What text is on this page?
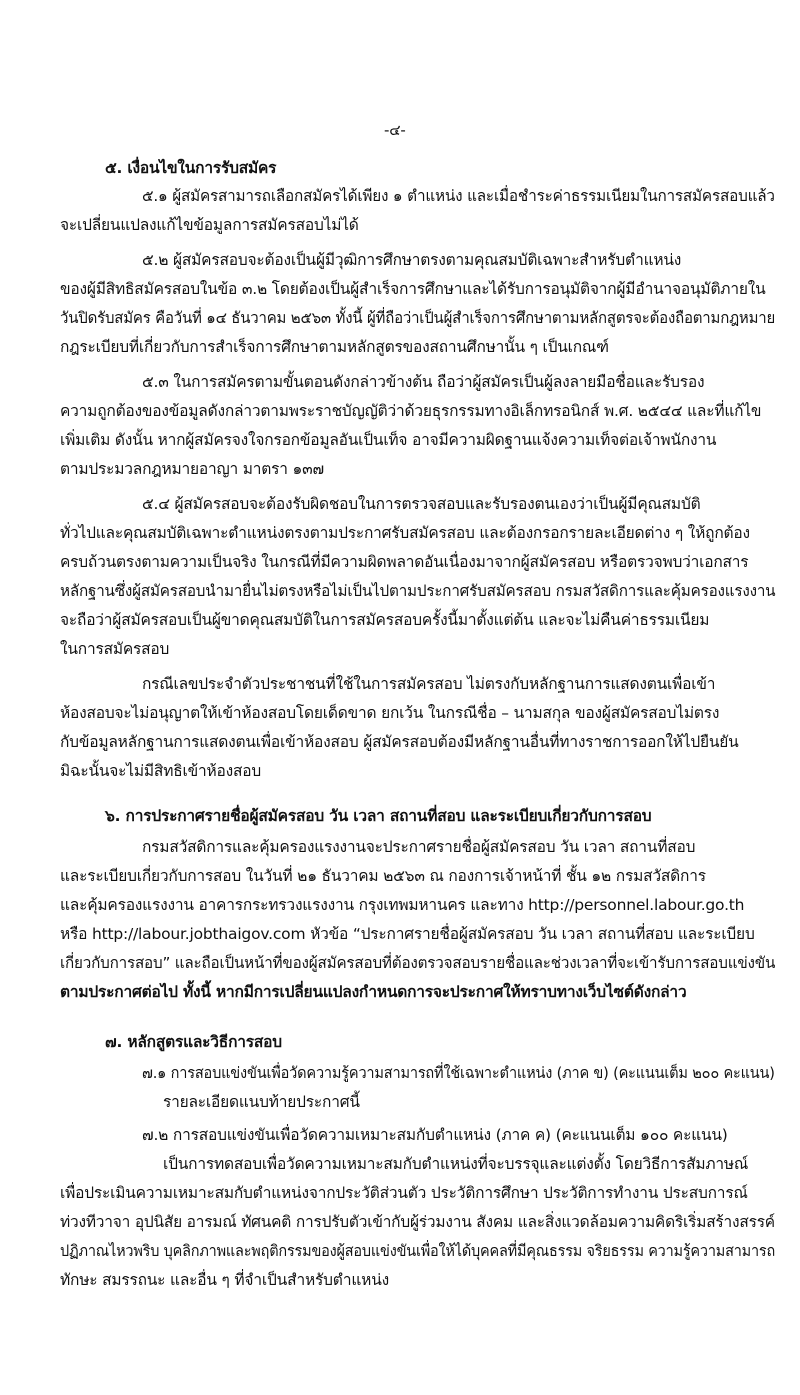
-๔-
๕. เงื่อนไขในการรับสมัคร
๕.๑ ผู้สมัครสามารถเลือกสมัครได้เพียง ๑ ตำแหน่ง และเมื่อชำระค่าธรรมเนียมในการสมัครสอบแล้ว
จะเปลี่ยนแปลงแก้ไขข้อมูลการสมัครสอบไม่ได้
๕.๒ ผู้สมัครสอบจะต้องเป็นผู้มีวุฒิการศึกษาตรงตามคุณสมบัติเฉพาะสำหรับตำแหน่ง
ของผู้มีสิทธิสมัครสอบในข้อ ๓.๒ โดยต้องเป็นผู้สำเร็จการศึกษาและได้รับการอนุมัติจากผู้มีอำนาจอนุมัติภายใน
วันปิดรับสมัคร คือวันที่ ๑๔ ธันวาคม ๒๕๖๓ ทั้งนี้ ผู้ที่ถือว่าเป็นผู้สำเร็จการศึกษาตามหลักสูตรจะต้องถือตามกฎหมาย
กฎระเบียบที่เกี่ยวกับการสำเร็จการศึกษาตามหลักสูตรของสถานศึกษานั้น ๆ เป็นเกณฑ์
๕.๓ ในการสมัครตามขั้นตอนดังกล่าวข้างต้น ถือว่าผู้สมัครเป็นผู้ลงลายมือชื่อและรับรอง
ความถูกต้องของข้อมูลดังกล่าวตามพระราชบัญญัติว่าด้วยธุรกรรมทางอิเล็กทรอนิกส์ พ.ศ. ๒๕๔๔ และที่แก้ไข
เพิ่มเติม ดังนั้น หากผู้สมัครจงใจกรอกข้อมูลอันเป็นเท็จ อาจมีความผิดฐานแจ้งความเท็จต่อเจ้าพนักงาน
ตามประมวลกฎหมายอาญา มาตรา ๑๓๗
๕.๔ ผู้สมัครสอบจะต้องรับผิดชอบในการตรวจสอบและรับรองตนเองว่าเป็นผู้มีคุณสมบัติ
ทั่วไปและคุณสมบัติเฉพาะตำแหน่งตรงตามประกาศรับสมัครสอบ และต้องกรอกรายละเอียดต่าง ๆ ให้ถูกต้อง
ครบถ้วนตรงตามความเป็นจริง ในกรณีที่มีความผิดพลาดอันเนื่องมาจากผู้สมัครสอบ หรือตรวจพบว่าเอกสาร
หลักฐานซึ่งผู้สมัครสอบนำมายื่นไม่ตรงหรือไม่เป็นไปตามประกาศรับสมัครสอบ กรมสวัสดิการและคุ้มครองแรงงาน
จะถือว่าผู้สมัครสอบเป็นผู้ขาดคุณสมบัติในการสมัครสอบครั้งนี้มาตั้งแต่ต้น และจะไม่คืนค่าธรรมเนียม
ในการสมัครสอบ
กรณีเลขประจำตัวประชาชนที่ใช้ในการสมัครสอบ ไม่ตรงกับหลักฐานการแสดงตนเพื่อเข้า
ห้องสอบจะไม่อนุญาตให้เข้าห้องสอบโดยเด็ดขาด ยกเว้น ในกรณีชื่อ – นามสกุล ของผู้สมัครสอบไม่ตรง
กับข้อมูลหลักฐานการแสดงตนเพื่อเข้าห้องสอบ ผู้สมัครสอบต้องมีหลักฐานอื่นที่ทางราชการออกให้ไปยืนยัน
มิฉะนั้นจะไม่มีสิทธิเข้าห้องสอบ
๖. การประกาศรายชื่อผู้สมัครสอบ วัน เวลา สถานที่สอบ และระเบียบเกี่ยวกับการสอบ
กรมสวัสดิการและคุ้มครองแรงงานจะประกาศรายชื่อผู้สมัครสอบ วัน เวลา สถานที่สอบ
และระเบียบเกี่ยวกับการสอบ ในวันที่ ๒๑ ธันวาคม ๒๕๖๓ ณ กองการเจ้าหน้าที่ ชั้น ๑๒ กรมสวัสดิการ
และคุ้มครองแรงงาน อาคารกระทรวงแรงงาน กรุงเทพมหานคร และทาง http://personnel.labour.go.th
หรือ http://labour.jobthaigov.com หัวข้อ “ประกาศรายชื่อผู้สมัครสอบ วัน เวลา สถานที่สอบ และระเบียบ
เกี่ยวกับการสอบ” และถือเป็นหน้าที่ของผู้สมัครสอบที่ต้องตรวจสอบรายชื่อและช่วงเวลาที่จะเข้ารับการสอบแข่งขัน
ตามประกาศต่อไป ทั้งนี้ หากมีการเปลี่ยนแปลงกำหนดการจะประกาศให้ทราบทางเว็บไซต์ดังกล่าว
๗. หลักสูตรและวิธีการสอบ
๗.๑ การสอบแข่งขันเพื่อวัดความรู้ความสามารถที่ใช้เฉพาะตำแหน่ง (ภาค ข) (คะแนนเต็ม ๒๐๐ คะแนน)
รายละเอียดแนบท้ายประกาศนี้
๗.๒ การสอบแข่งขันเพื่อวัดความเหมาะสมกับตำแหน่ง (ภาค ค) (คะแนนเต็ม ๑๐๐ คะแนน)
เป็นการทดสอบเพื่อวัดความเหมาะสมกับตำแหน่งที่จะบรรจุและแต่งตั้ง โดยวิธีการสัมภาษณ์
เพื่อประเมินความเหมาะสมกับตำแหน่งจากประวัติส่วนตัว ประวัติการศึกษา ประวัติการทำงาน ประสบการณ์
ท่วงทีวาจา อุปนิสัย อารมณ์ ทัศนคติ การปรับตัวเข้ากับผู้ร่วมงาน สังคม และสิ่งแวดล้อมความคิดริเริ่มสร้างสรรค์
ปฏิภาณไหวพริบ บุคลิกภาพและพฤติกรรมของผู้สอบแข่งขันเพื่อให้ได้บุคคลที่มีคุณธรรม จริยธรรม ความรู้ความสามารถ
ทักษะ สมรรถนะ และอื่น ๆ ที่จำเป็นสำหรับตำแหน่ง
